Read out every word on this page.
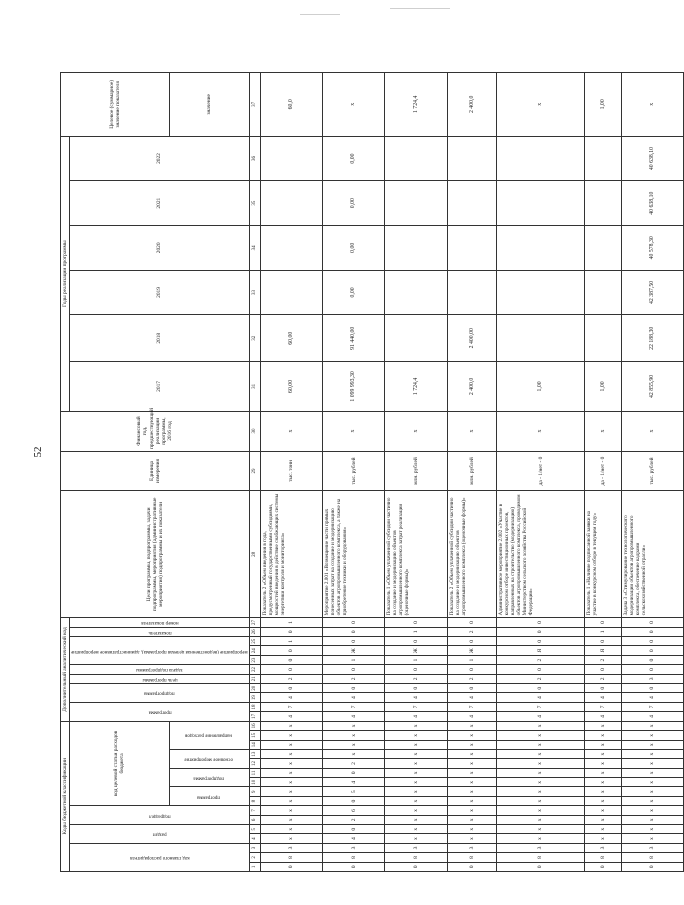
52
Коды бюджетной классификации																Дополнительный аналитический код											Цели программы, подпрограммы, задачи подпрограммы, мероприятия (административные мероприятия) подпрограммы и их показатели	Единица измерения	Финансовый год, предшествующий реализации программы, 2016 год	Годы реализации программы						Целевое (суммарное) значение показателя
код главного распорядителя			раздел		подраздел		код целевой статьи расходов бюджета									программа		подпрограмма		цель программы	задача подпрограммы	мероприятие (ведомственная целевая программа), административное мероприятие			показатель	номер показателя				2017	2018	2019	2020	2021	2022	
							программа		подпрограмма		основное мероприятие		направление расходов																							значение
1	2	3	4	5	6	7	8	9	10	11	12	13	14	15	16	17	18	19	20	21	22	23	24	25	26	27	28	29	30	31	32	33	34	35	36	37
0	8	3	х	х	х	х	х	х	х	х	х	х	х	х	х	4	7	4	0	2	0	0	0	1	0	1	Показатель 2 «Объем введения в года, предусмотренный государственными субсидиями, мощностей введения в действие снабжающих системы энергетики контроля и мониторинга»	тыс. тонн	х	60,00	60,00					60,0
0	8	3	4	0	2	6	0	5	4	0	2	х	х	х	х	4	7	4	0	2	0	1	Ж	0	0	0	Мероприятие 2.001 «Возмещение части прямых понесенных затрат на создание и модернизацию объектов агропромышленного комплекса, а также на приобретение техники и оборудования»	тыс. рублей	х	1 099 993,30	91 440,00	0,00	0,00	0,00	0,00	х
0	8	3	х	х	х	х	х	х	х	х	х	х	х	х	х	4	7	4	0	2	0	1	Ж	0	1	0	Показатель 1 «Объем уплаченной субсидии частично на создание и модернизацию объектов агропромышленного комплекса затрат реализации (оценочные формы)»	млн. рублей	х	1 724,4						1 724,4
0	8	3	х	х	х	х	х	х	х	х	х	х	х	х	х	4	7	4	0	2	0	1	Ж	0	2	0	Показатель 2 «Объем уплаченной субсидии частично на создание и модернизацию объектов агропромышленного комплекса (оценочные формы)»	млн. рублей	х	2 400,0	2 400,00					2 400,0
0	8	3	х	х	х	х	х	х	х	х	х	х	х	х	х	4	7	4	0	2	0	2	Я	0	0	0	Административное мероприятие 2.002 «Участие в конкурсном отборе инвестиционных проектов, направленных на строительство (модернизацию) объектов агропромышленного комплекса, проводимом Министерством сельского хозяйства Российской Федерации»	да - 1/нет - 0	х	1,00						х
0	8	3	х	х	х	х	х	х	х	х	х	х	х	х	х	4	7	4	0	2	0	2	Я	0	1	0	Показатель 1 «Наличие подписанной заявки на участие в конкурсном отборе в текущем году»	да - 1/нет - 0	х	1,00						1,00
0	8	3	х	х	х	х	х	х	х	х	х	х	х	х	х	4	7	4	0	3	0	0	0	0	0	0	Задача 3 «Стимулирование технологического модернизации объектов агропромышленного комплекса, обеспечение кадрами сельскохозяйственной отрасли»	тыс. рублей	х	42 855,90	22 188,30	42 387,50	40 578,30	40 638,10	40 638,10	х
